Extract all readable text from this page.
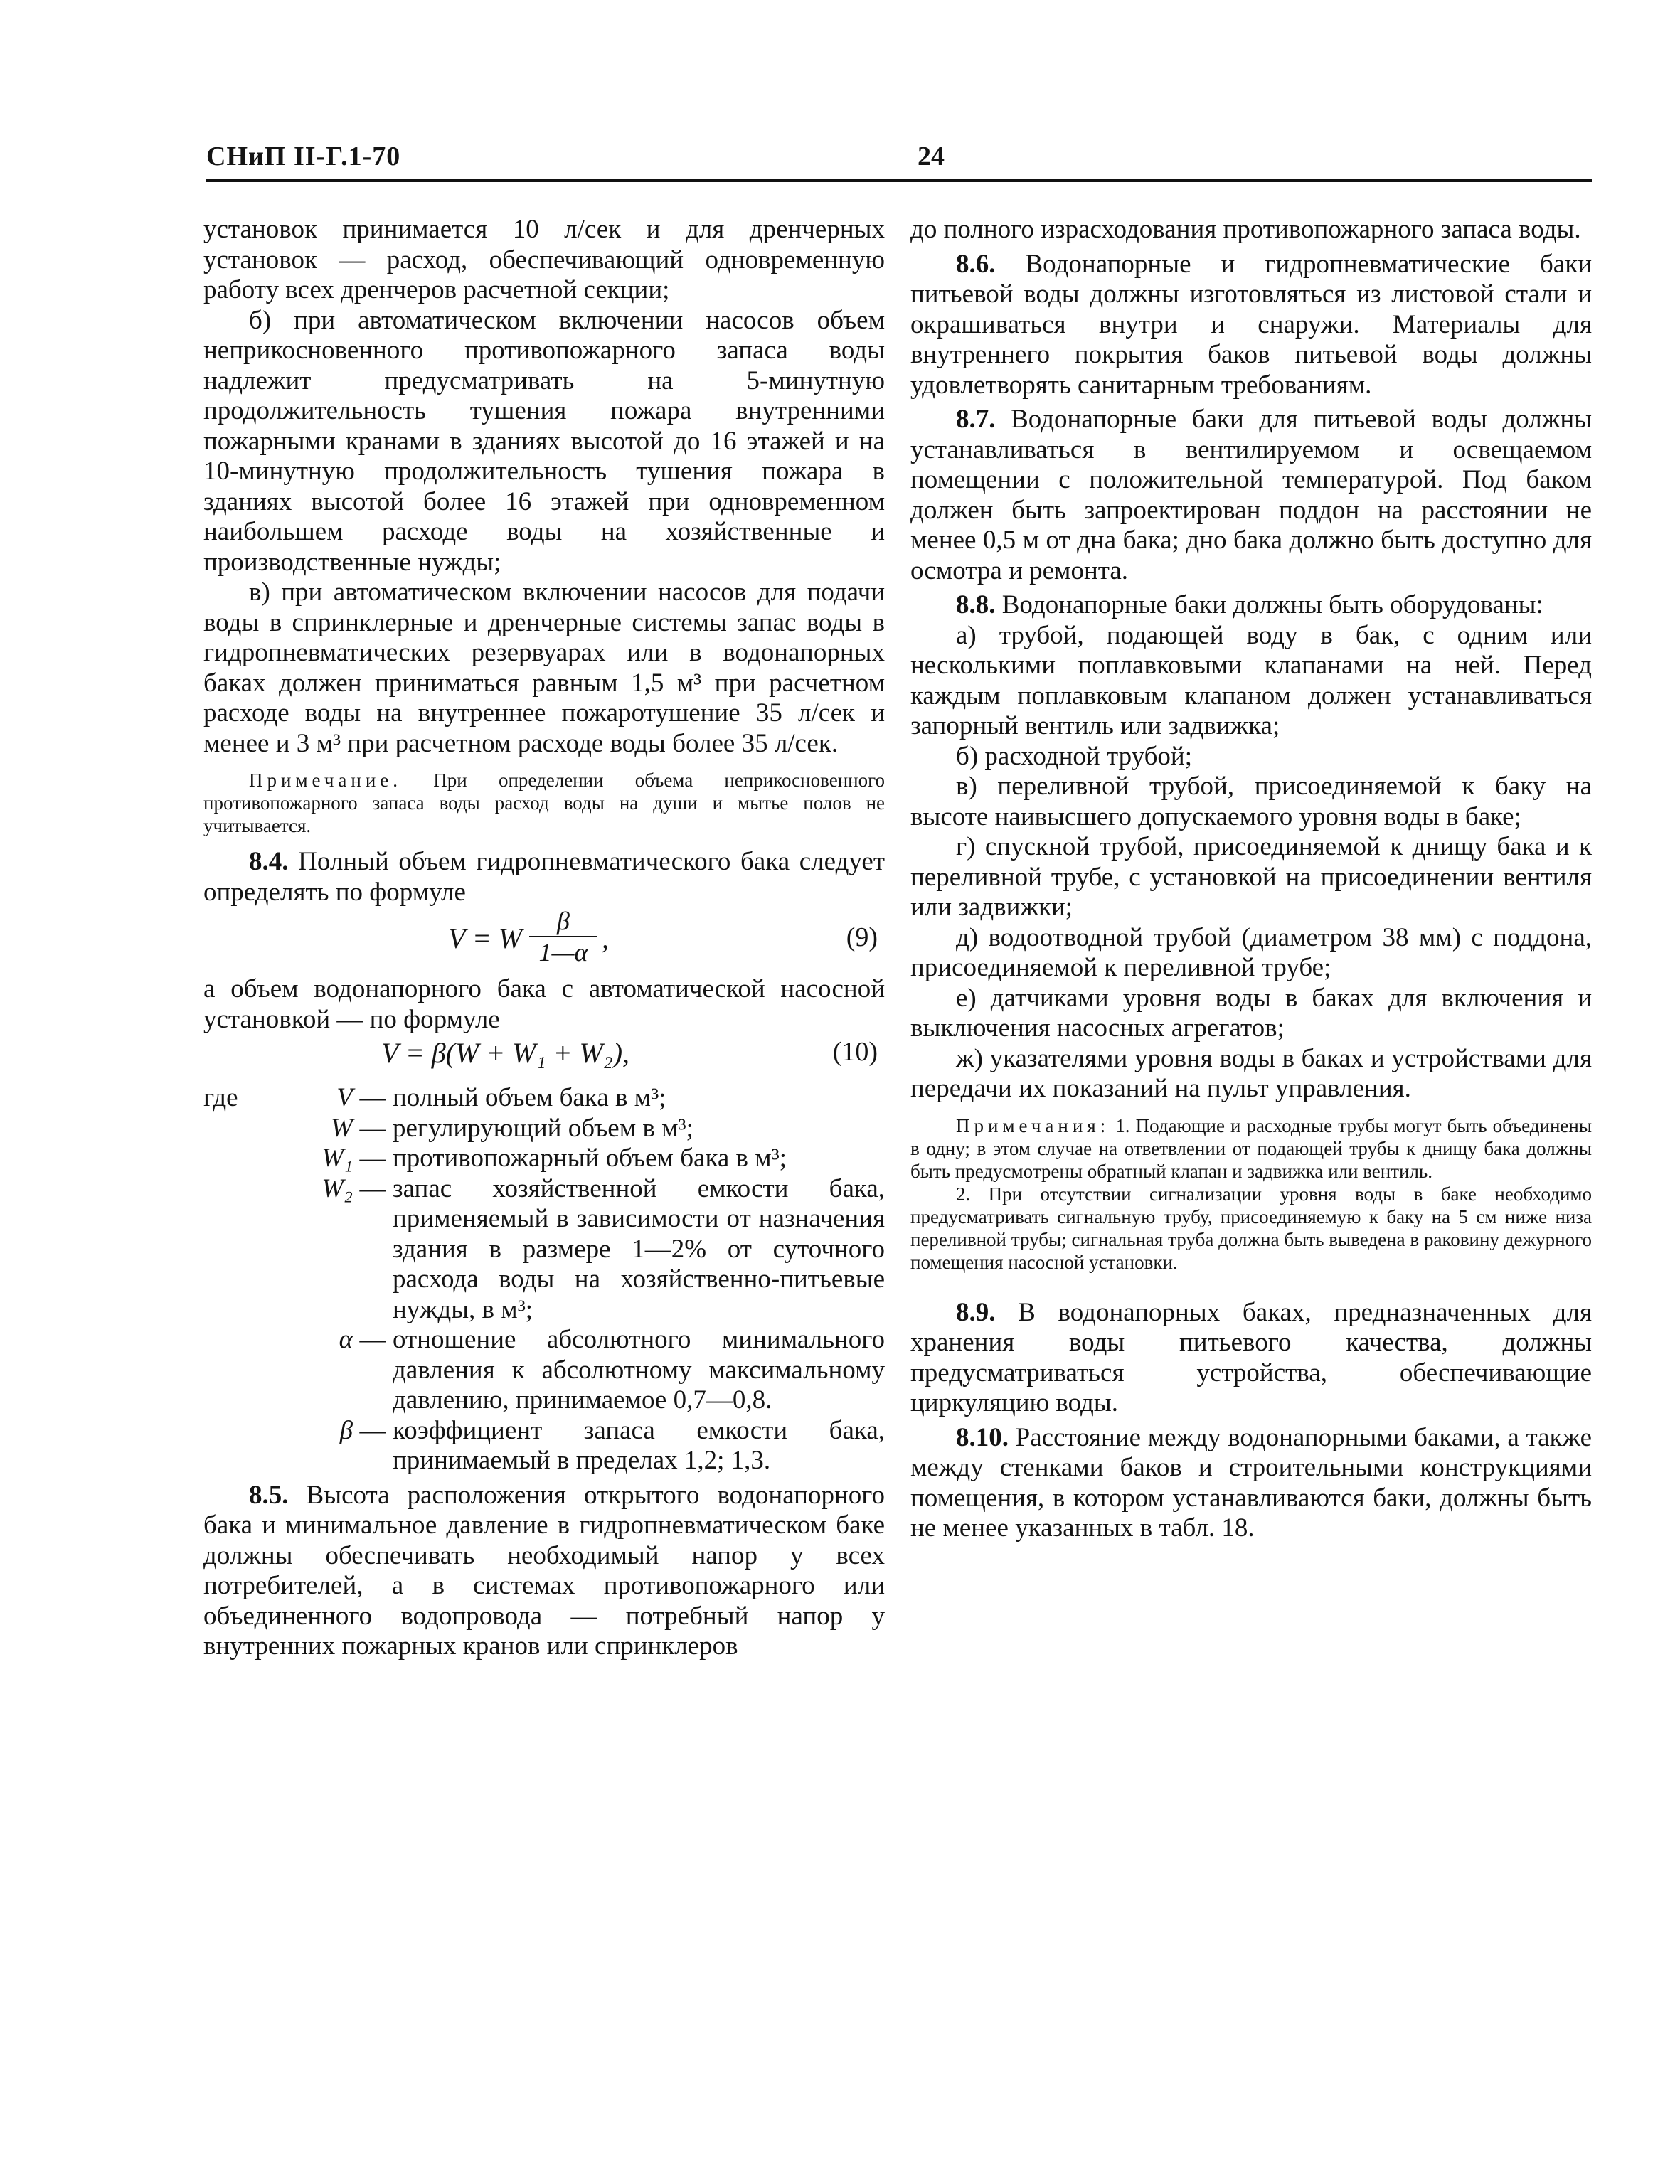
СНиП II-Г.1-70	24

установок принимается 10 л/сек и для дренчерных установок — расход, обеспечивающий одновременную работу всех дренчеров расчетной секции;

б) при автоматическом включении насосов объем неприкосновенного противопожарного запаса воды надлежит предусматривать на 5-минутную продолжительность тушения пожара внутренними пожарными кранами в зданиях высотой до 16 этажей и на 10-минутную продолжительность тушения пожара в зданиях высотой более 16 этажей при одновременном наибольшем расходе воды на хозяйственные и производственные нужды;

в) при автоматическом включении насосов для подачи воды в спринклерные и дренчерные системы запас воды в гидропневматических резервуарах или в водонапорных баках должен приниматься равным 1,5 м³ при расчетном расходе воды на внутреннее пожаротушение 35 л/сек и менее и 3 м³ при расчетном расходе воды более 35 л/сек.

Примечание. При определении объема неприкосновенного противопожарного запаса воды расход воды на души и мытье полов не учитывается.

8.4. Полный объем гидропневматического бака следует определять по формуле

V = W
β
1—α ,	(9)

а объем водонапорного бака с автоматической насосной установкой — по формуле

V = β(W + W₁ + W₂),	(10)
где	V — полный объем бака в м³;
W — регулирующий объем в м³;
W₁ — противопожарный объем бака в м³;
W₂ — запас хозяйственной емкости бака, применяемый в зависимости от назначения здания в размере 1—2% от суточного расхода воды на хозяйственно-питьевые нужды, в м³;
α — отношение абсолютного минимального давления к абсолютному максимальному давлению, принимаемое 0,7—0,8.
β — коэффициент запаса емкости бака, принимаемый в пределах 1,2; 1,3.

8.5. Высота расположения открытого водонапорного бака и минимальное давление в гидропневматическом баке должны обеспечивать необходимый напор у всех потребителей, а в системах противопожарного или объединенного водопровода — потребный напор у внутренних пожарных кранов или спринклеров

до полного израсходования противопожарного запаса воды.

8.6. Водонапорные и гидропневматические баки питьевой воды должны изготовляться из листовой стали и окрашиваться внутри и снаружи. Материалы для внутреннего покрытия баков питьевой воды должны удовлетворять санитарным требованиям.

8.7. Водонапорные баки для питьевой воды должны устанавливаться в вентилируемом и освещаемом помещении с положительной температурой. Под баком должен быть запроектирован поддон на расстоянии не менее 0,5 м от дна бака; дно бака должно быть доступно для осмотра и ремонта.

8.8. Водонапорные баки должны быть оборудованы:

а) трубой, подающей воду в бак, с одним или несколькими поплавковыми клапанами на ней. Перед каждым поплавковым клапаном должен устанавливаться запорный вентиль или задвижка;

б) расходной трубой;

в) переливной трубой, присоединяемой к баку на высоте наивысшего допускаемого уровня воды в баке;

г) спускной трубой, присоединяемой к днищу бака и к переливной трубе, с установкой на присоединении вентиля или задвижки;

д) водоотводной трубой (диаметром 38 мм) с поддона, присоединяемой к переливной трубе;

е) датчиками уровня воды в баках для включения и выключения насосных агрегатов;

ж) указателями уровня воды в баках и устройствами для передачи их показаний на пульт управления.

Примечания: 1. Подающие и расходные трубы могут быть объединены в одну; в этом случае на ответвлении от подающей трубы к днищу бака должны быть предусмотрены обратный клапан и задвижка или вентиль.

2. При отсутствии сигнализации уровня воды в баке необходимо предусматривать сигнальную трубу, присоединяемую к баку на 5 см ниже низа переливной трубы; сигнальная труба должна быть выведена в раковину дежурного помещения насосной установки.

8.9. В водонапорных баках, предназначенных для хранения воды питьевого качества, должны предусматриваться устройства, обеспечивающие циркуляцию воды.

8.10. Расстояние между водонапорными баками, а также между стенками баков и строительными конструкциями помещения, в котором устанавливаются баки, должны быть не менее указанных в табл. 18.
